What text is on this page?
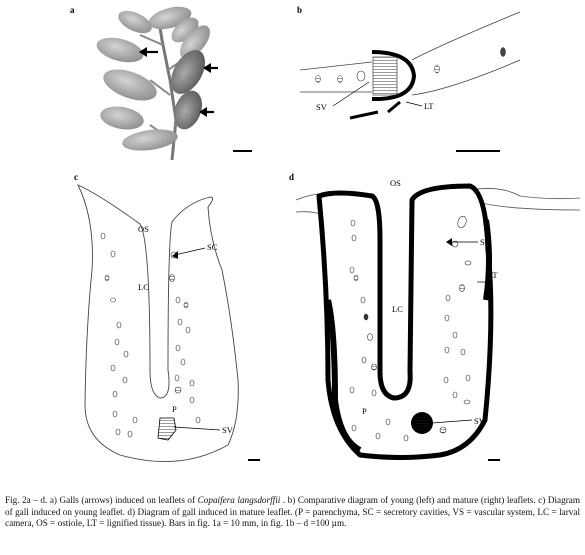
a	b
SV	LT
c
OS
SC
LC
P
SV
d
OS
SC
LT
LC
P
SV
Fig. 2a – d. a) Galls (arrows) induced on leaflets of Copaifera langsdorffii . b) Comparative diagram of young (left) and mature (right) leaflets. c) Diagram of gall induced on young leaflet. d) Diagram of gall induced in mature leaflet. (P = parenchyma, SC = secretory cavities, VS = vascular system, LC = larval camera, OS = ostiole, LT = lignified tissue). Bars in fig. 1a = 10 mm, in fig. 1b – d =100 µm.
